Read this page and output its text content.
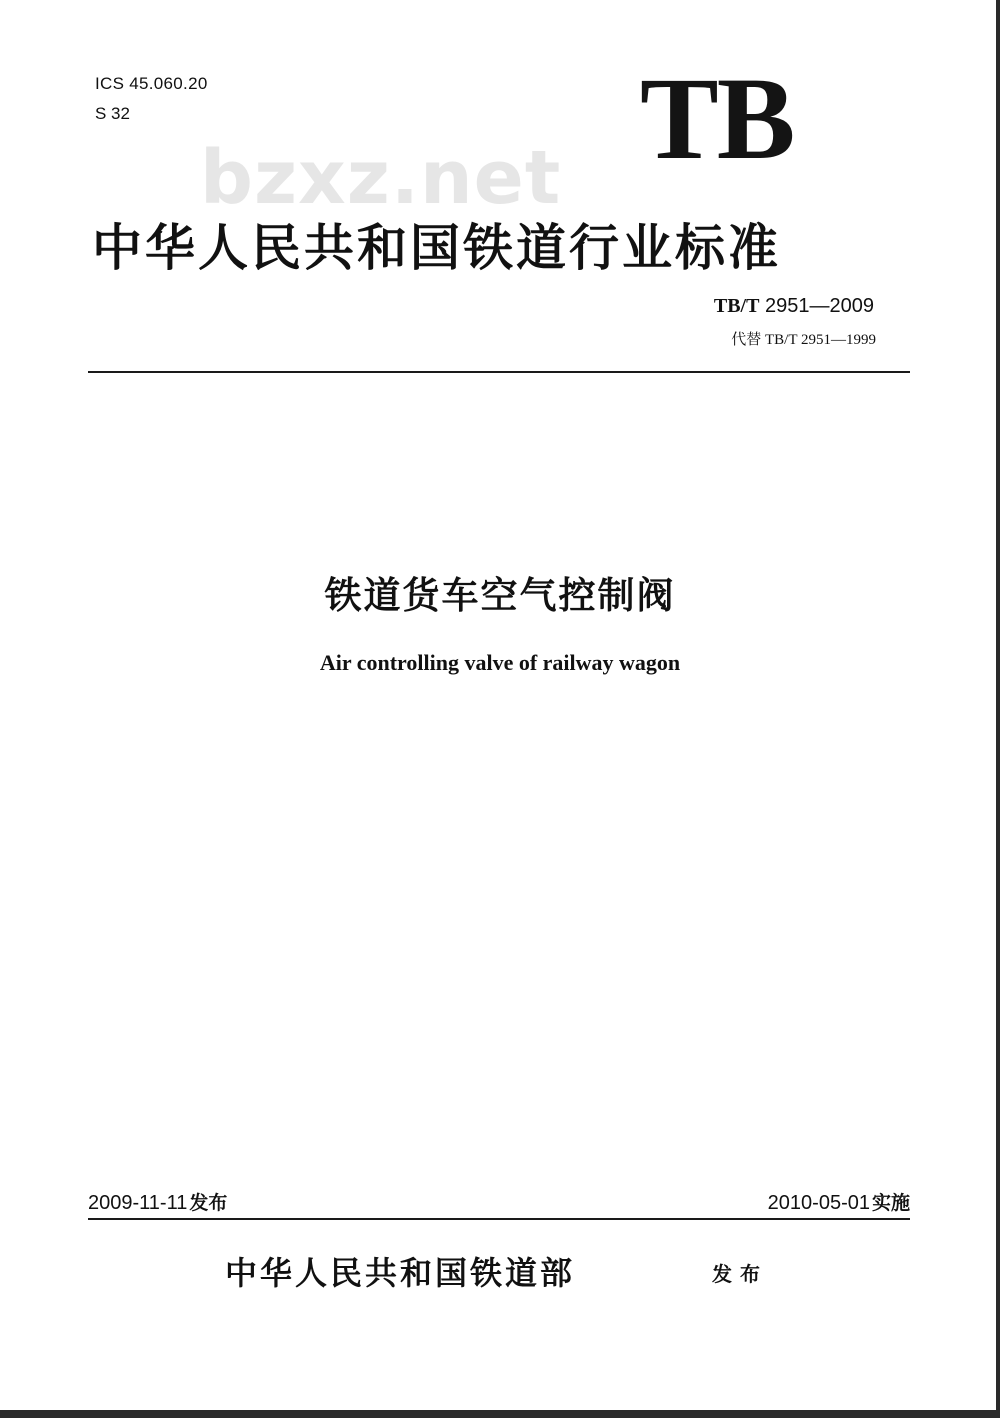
ICS 45.060.20
S 32	TB
bzxz.net
中华人民共和国铁道行业标准
TB/T 2951—2009
代替 TB/T 2951—1999
铁道货车空气控制阀
Air controlling valve of railway wagon
2009-11-11 发布	2010-05-01 实施
中华人民共和国铁道部	发布
